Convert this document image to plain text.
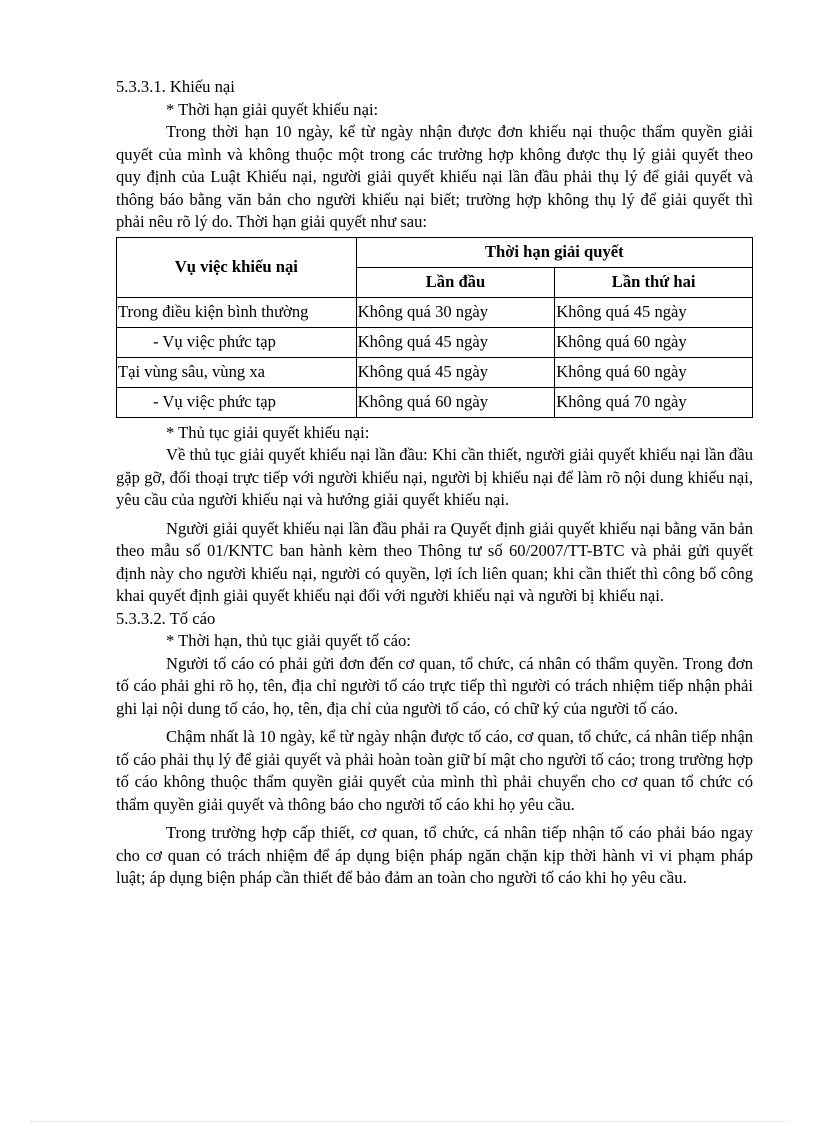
5.3.3.1. Khiếu nại

* Thời hạn giải quyết khiếu nại:

Trong thời hạn 10 ngày, kể từ ngày nhận được đơn khiếu nại thuộc thẩm quyền giải quyết của mình và không thuộc một trong các trường hợp không được thụ lý giải quyết theo quy định của Luật Khiếu nại, người giải quyết khiếu nại lần đầu phải thụ lý để giải quyết và thông báo bằng văn bản cho người khiếu nại biết; trường hợp không thụ lý để giải quyết thì phải nêu rõ lý do. Thời hạn giải quyết như sau:

Vụ việc khiếu nại	Thời hạn giải quyết	
	Lần đầu	Lần thứ hai
Trong điều kiện bình thường	Không quá 30 ngày	Không quá 45 ngày
- Vụ việc phức tạp	Không quá 45 ngày	Không quá 60 ngày
Tại vùng sâu, vùng xa	Không quá 45 ngày	Không quá 60 ngày
- Vụ việc phức tạp	Không quá 60 ngày	Không quá 70 ngày

* Thủ tục giải quyết khiếu nại:

Về thủ tục giải quyết khiếu nại lần đầu: Khi cần thiết, người giải quyết khiếu nại lần đầu gặp gỡ, đối thoại trực tiếp với người khiếu nại, người bị khiếu nại để làm rõ nội dung khiếu nại, yêu cầu của người khiếu nại và hướng giải quyết khiếu nại.

Người giải quyết khiếu nại lần đầu phải ra Quyết định giải quyết khiếu nại bằng văn bản theo mẫu số 01/KNTC ban hành kèm theo Thông tư số 60/2007/TT-BTC và phải gửi quyết định này cho người khiếu nại, người có quyền, lợi ích liên quan; khi cần thiết thì công bố công khai quyết định giải quyết khiếu nại đối với người khiếu nại và người bị khiếu nại.

5.3.3.2. Tố cáo

* Thời hạn, thủ tục giải quyết tố cáo:

Người tố cáo có phải gửi đơn đến cơ quan, tổ chức, cá nhân có thẩm quyền. Trong đơn tố cáo phải ghi rõ họ, tên, địa chỉ người tố cáo trực tiếp thì người có trách nhiệm tiếp nhận phải ghi lại nội dung tố cáo, họ, tên, địa chỉ của người tố cáo, có chữ ký của người tố cáo.

Chậm nhất là 10 ngày, kể từ ngày nhận được tố cáo, cơ quan, tổ chức, cá nhân tiếp nhận tố cáo phải thụ lý để giải quyết và phải hoàn toàn giữ bí mật cho người tố cáo; trong trường hợp tố cáo không thuộc thẩm quyền giải quyết của mình thì phải chuyển cho cơ quan tổ chức có thẩm quyền giải quyết và thông báo cho người tố cáo khi họ yêu cầu.

Trong trường hợp cấp thiết, cơ quan, tổ chức, cá nhân tiếp nhận tố cáo phải báo ngay cho cơ quan có trách nhiệm để áp dụng biện pháp ngăn chặn kịp thời hành vi vi phạm pháp luật; áp dụng biện pháp cần thiết để bảo đảm an toàn cho người tố cáo khi họ yêu cầu.
